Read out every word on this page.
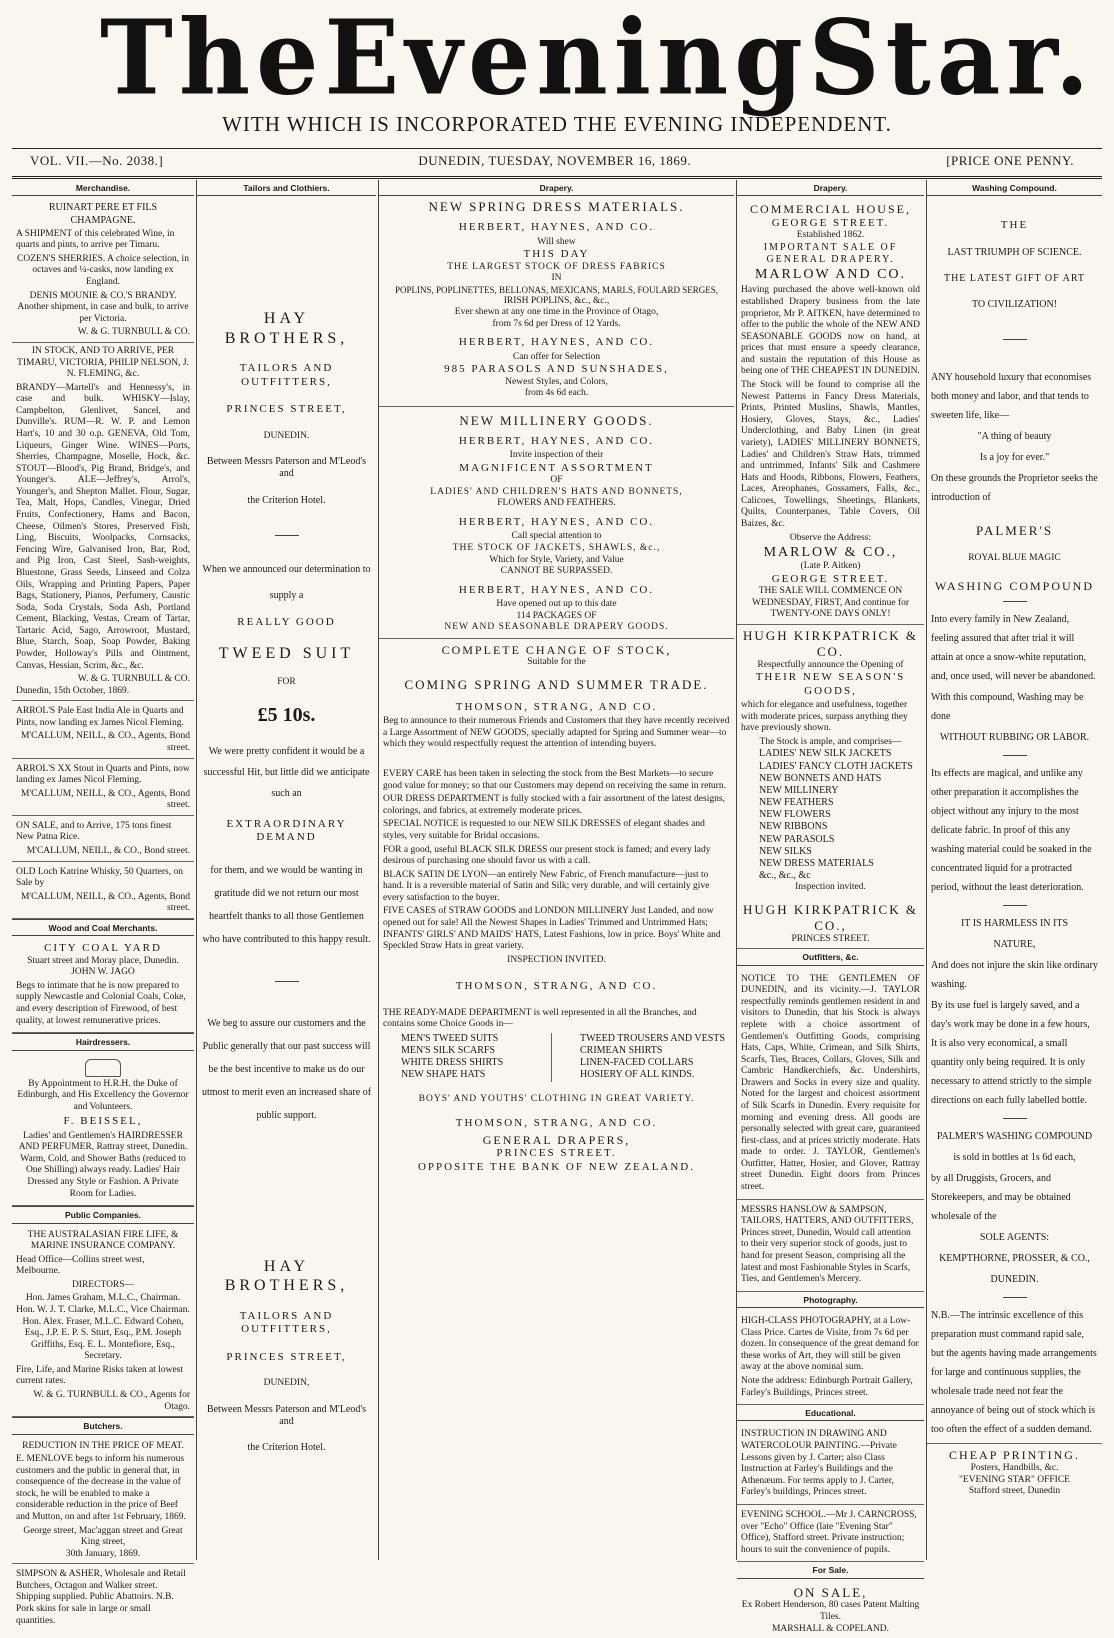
The Evening Star.
WITH WHICH IS INCORPORATED THE EVENING INDEPENDENT.
VOL. VII.—No. 2038.]	DUNEDIN, TUESDAY, NOVEMBER 16, 1869.	[PRICE ONE PENNY.
Merchandise.
RUINART PERE ET FILS CHAMPAGNE.
A SHIPMENT of this celebrated Wine, in quarts and pints, to arrive per Timaru.
COZEN'S SHERRIES. A choice selection, in octaves and ¼-casks, now landing ex England.
DENIS MOUNIE & CO.'S BRANDY. Another shipment, in case and bulk, to arrive per Victoria.
W. & G. TURNBULL & CO.
IN STOCK, AND TO ARRIVE, PER TIMARU, VICTORIA, PHILIP NELSON, J. N. FLEMING, &c.
BRANDY—Martell's and Hennessy's, in case and bulk. WHISKY—Islay, Campbelton, Glenlivet, Sancel, and Dunville's. RUM—R. W. P. and Lemon Hart's, 10 and 30 o.p. GENEVA, Old Tom, Liqueurs, Ginger Wine. WINES—Ports, Sherries, Champagne, Moselle, Hock, &c. STOUT—Blood's, Pig Brand, Bridge's, and Younger's. ALE—Jeffrey's, Arrol's, Younger's, and Shepton Mallet. Flour, Sugar, Tea, Malt, Hops, Candles, Vinegar, Dried Fruits, Confectionery, Hams and Bacon, Cheese, Oilmen's Stores, Preserved Fish, Ling, Biscuits, Woolpacks, Cornsacks, Fencing Wire, Galvanised Iron, Bar, Rod, and Pig Iron, Cast Steel, Sash-weights, Bluestone, Grass Seeds, Linseed and Colza Oils, Wrapping and Printing Papers, Paper Bags, Stationery, Pianos, Perfumery, Caustic Soda, Soda Crystals, Soda Ash, Portland Cement, Blacking, Vestas, Cream of Tartar, Tartaric Acid, Sago, Arrowroot, Mustard, Blue, Starch, Soap, Soap Powder, Baking Powder, Holloway's Pills and Ointment, Canvas, Hessian, Scrim, &c., &c.
W. & G. TURNBULL & CO.
Dunedin, 15th October, 1869.
ARROL'S Pale East India Ale in Quarts and Pints, now landing ex James Nicol Fleming.
M'CALLUM, NEILL, & CO., Agents, Bond street.
ARROL'S XX Stout in Quarts and Pints, now landing ex James Nicol Fleming.
M'CALLUM, NEILL, & CO., Agents, Bond street.
ON SALE, and to Arrive, 175 tons finest New Patna Rice.
M'CALLUM, NEILL, & CO., Bond street.
OLD Loch Katrine Whisky, 50 Quarters, on Sale by
M'CALLUM, NEILL, & CO., Agents, Bond street.
Wood and Coal Merchants.
CITY COAL YARD
Stuart street and Moray place, Dunedin.
JOHN W. JAGO
Begs to intimate that he is now prepared to supply Newcastle and Colonial Coals, Coke, and every description of Firewood, of best quality, at lowest remunerative prices.
Hairdressers.
By Appointment to H.R.H. the Duke of Edinburgh, and His Excellency the Governor and Volunteers.
F. BEISSEL,
Ladies' and Gentlemen's HAIRDRESSER AND PERFUMER, Rattray street, Dunedin. Warm, Cold, and Shower Baths (reduced to One Shilling) always ready. Ladies' Hair Dressed any Style or Fashion. A Private Room for Ladies.
Public Companies.
THE AUSTRALASIAN FIRE LIFE, & MARINE INSURANCE COMPANY.
Head Office—Collins street west, Melbourne.
DIRECTORS—
Hon. James Graham, M.L.C., Chairman. Hon. W. J. T. Clarke, M.L.C., Vice Chairman. Hon. Alex. Fraser, M.L.C. Edward Cohen, Esq., J.P. E. P. S. Sturt, Esq., P.M. Joseph Griffiths, Esq. E. L. Montefiore, Esq., Secretary.
Fire, Life, and Marine Risks taken at lowest current rates.
W. & G. TURNBULL & CO., Agents for Otago.
Butchers.
REDUCTION IN THE PRICE OF MEAT.
E. MENLOVE begs to inform his numerous customers and the public in general that, in consequence of the decrease in the value of stock, he will be enabled to make a considerable reduction in the price of Beef and Mutton, on and after 1st February, 1869.
George street, Mac'aggan street and Great King street,
30th January, 1869.
SIMPSON & ASHER, Wholesale and Retail Butchers, Octagon and Walker street. Shipping supplied. Public Abattoirs. N.B. Pork skins for sale in large or small quantities.
Tailors and Clothiers.
HAY BROTHERS,
TAILORS AND OUTFITTERS,
PRINCES STREET,
DUNEDIN.
Between Messrs Paterson and M'Leod's and
the Criterion Hotel.
When we announced our determination to
supply a
REALLY GOOD
TWEED SUIT
FOR
£5 10s.
We were pretty confident it would be a successful Hit, but little did we anticipate such an
EXTRAORDINARY DEMAND
for them, and we would be wanting in gratitude did we not return our most heartfelt thanks to all those Gentlemen who have contributed to this happy result.
We beg to assure our customers and the Public generally that our past success will be the best incentive to make us do our utmost to merit even an increased share of public support.
HAY BROTHERS,
TAILORS AND OUTFITTERS,
PRINCES STREET,
DUNEDIN,
Between Messrs Paterson and M'Leod's and
the Criterion Hotel.
Drapery.
NEW SPRING DRESS MATERIALS.
HERBERT, HAYNES, AND CO.
Will shew
THIS DAY
THE LARGEST STOCK OF DRESS FABRICS
IN
POPLINS, POPLINETTES, BELLONAS, MEXICANS, MARLS, FOULARD SERGES,
IRISH POPLINS, &c., &c.,
Ever shewn at any one time in the Province of Otago,
from 7s 6d per Dress of 12 Yards.
HERBERT, HAYNES, AND CO.
Can offer for Selection
985 PARASOLS AND SUNSHADES,
Newest Styles, and Colors,
from 4s 6d each.
NEW MILLINERY GOODS.
HERBERT, HAYNES, AND CO.
Invite inspection of their
MAGNIFICENT ASSORTMENT
OF
LADIES' AND CHILDREN'S HATS AND BONNETS,
FLOWERS AND FEATHERS.
HERBERT, HAYNES, AND CO.
Call special attention to
THE STOCK OF JACKETS, SHAWLS, &c.,
Which for Style, Variety, and Value
CANNOT BE SURPASSED.
HERBERT, HAYNES, AND CO.
Have opened out up to this date
114 PACKAGES OF
NEW AND SEASONABLE DRAPERY GOODS.
COMPLETE CHANGE OF STOCK,
Suitable for the
COMING SPRING AND SUMMER TRADE.
THOMSON, STRANG, AND CO.
Beg to announce to their numerous Friends and Customers that they have recently received a Large Assortment of NEW GOODS, specially adapted for Spring and Summer wear—to which they would respectfully request the attention of intending buyers.
EVERY CARE has been taken in selecting the stock from the Best Markets—to secure good value for money; so that our Customers may depend on receiving the same in return.
OUR DRESS DEPARTMENT is fully stocked with a fair assortment of the latest designs, colorings, and fabrics, at extremely moderate prices.
SPECIAL NOTICE is requested to our NEW SILK DRESSES of elegant shades and styles, very suitable for Bridal occasions.
FOR a good, useful BLACK SILK DRESS our present stock is famed; and every lady desirous of purchasing one should favor us with a call.
BLACK SATIN DE LYON—an entirely New Fabric, of French manufacture—just to hand. It is a reversible material of Satin and Silk; very durable, and will certainly give every satisfaction to the buyer.
FIVE CASES of STRAW GOODS and LONDON MILLINERY Just Landed, and now opened out for sale! All the Newest Shapes in Ladies' Trimmed and Untrimmed Hats; INFANTS' GIRLS' AND MAIDS' HATS, Latest Fashions, low in price. Boys' White and Speckled Straw Hats in great variety.
INSPECTION INVITED.
THOMSON, STRANG, AND CO.
THE READY-MADE DEPARTMENT is well represented in all the Branches, and contains some Choice Goods in—
MEN'S TWEED SUITS
MEN'S SILK SCARFS
WHITE DRESS SHIRTS
NEW SHAPE HATS
TWEED TROUSERS AND VESTS
CRIMEAN SHIRTS
LINEN-FACED COLLARS
HOSIERY OF ALL KINDS.
BOYS' AND YOUTHS' CLOTHING IN GREAT VARIETY.
THOMSON, STRANG, AND CO.
GENERAL DRAPERS,
PRINCES STREET.
OPPOSITE THE BANK OF NEW ZEALAND.
Drapery.
COMMERCIAL HOUSE,
GEORGE STREET.
Established 1862.
IMPORTANT SALE OF GENERAL DRAPERY.
MARLOW AND CO.
Having purchased the above well-known old established Drapery business from the late proprietor, Mr P. AITKEN, have determined to offer to the public the whole of the NEW AND SEASONABLE GOODS now on hand, at prices that must ensure a speedy clearance, and sustain the reputation of this House as being one of THE CHEAPEST IN DUNEDIN.
The Stock will be found to comprise all the Newest Patterns in Fancy Dress Materials, Prints, Printed Muslins, Shawls, Mantles, Hosiery, Gloves, Stays, &c., Ladies' Underclothing, and Baby Linen (in great variety), LADIES' MILLINERY BONNETS, Ladies' and Children's Straw Hats, trimmed and untrimmed, Infants' Silk and Cashmere Hats and Hoods, Ribbons, Flowers, Feathers, Laces, Areophanes, Gossamers, Falls, &c., Calicoes, Towellings, Sheetings, Blankets, Quilts, Counterpanes, Table Covers, Oil Baizes, &c.
Observe the Address:
MARLOW & CO.,
(Late P. Aitken)
GEORGE STREET.
THE SALE WILL COMMENCE ON WEDNESDAY, FIRST, And continue for TWENTY-ONE DAYS ONLY!
HUGH KIRKPATRICK & CO.
Respectfully announce the Opening of
THEIR NEW SEASON'S GOODS,
which for elegance and usefulness, together with moderate prices, surpass anything they have previously shown.
The Stock is ample, and comprises—
LADIES' NEW SILK JACKETS
LADIES' FANCY CLOTH JACKETS
NEW BONNETS AND HATS
NEW MILLINERY
NEW FEATHERS
NEW FLOWERS
NEW RIBBONS
NEW PARASOLS
NEW SILKS
NEW DRESS MATERIALS
&c., &c., &c
Inspection invited.
HUGH KIRKPATRICK & CO.,
PRINCES STREET.
Outfitters, &c.
NOTICE TO THE GENTLEMEN OF DUNEDIN, and its vicinity.—J. TAYLOR respectfully reminds gentlemen resident in and visitors to Dunedin, that his Stock is always replete with a choice assortment of Gentlemen's Outfitting Goods, comprising Hats, Caps, White, Crimean, and Silk Shirts, Scarfs, Ties, Braces, Collars, Gloves, Silk and Cambric Handkerchiefs, &c. Undershirts, Drawers and Socks in every size and quality. Noted for the largest and choicest assortment of Silk Scarfs in Dunedin. Every requisite for morning and evening dress. All goods are personally selected with great care, guaranteed first-class, and at prices strictly moderate. Hats made to order. J. TAYLOR, Gentlemen's Outfitter, Hatter, Hosier, and Glover, Rattray street Dunedin. Eight doors from Princes street.
MESSRS HANSLOW & SAMPSON, TAILORS, HATTERS, AND OUTFITTERS, Princes street, Dunedin, Would call attention to their very superior stock of goods, just to hand for present Season, comprising all the latest and most Fashionable Styles in Scarfs, Ties, and Gentlemen's Mercery.
Photography.
HIGH-CLASS PHOTOGRAPHY, at a Low-Class Price. Cartes de Visite, from 7s 6d per dozen. In consequence of the great demand for these works of Art, they will still be given away at the above nominal sum.
Note the address: Edinburgh Portrait Gallery, Farley's Buildings, Princes street.
Educational.
INSTRUCTION IN DRAWING AND WATERCOLOUR PAINTING.—Private Lessons given by J. Carter; also Class Instruction at Farley's Buildings and the Athenæum. For terms apply to J. Carter, Farley's buildings, Princes street.
EVENING SCHOOL.—Mr J. CARNCROSS, over "Echo" Office (late "Evening Star" Office), Stafford street. Private instruction; hours to suit the convenience of pupils.
For Sale.
ON SALE,
Ex Robert Henderson, 80 cases Patent Malting Tiles.
MARSHALL & COPELAND.
Washing Compound.
THE
LAST TRIUMPH OF SCIENCE.
THE LATEST GIFT OF ART
TO CIVILIZATION!
ANY household luxury that economises both money and labor, and that tends to sweeten life, like—
"A thing of beauty
Is a joy for ever."
On these grounds the Proprietor seeks the introduction of
PALMER'S
ROYAL BLUE MAGIC
WASHING COMPOUND
Into every family in New Zealand, feeling assured that after trial it will attain at once a snow-white reputation, and, once used, will never be abandoned.
With this compound, Washing may be done
WITHOUT RUBBING OR LABOR.
Its effects are magical, and unlike any other preparation it accomplishes the object without any injury to the most delicate fabric. In proof of this any washing material could be soaked in the concentrated liquid for a protracted period, without the least deterioration.
IT IS HARMLESS IN ITS
NATURE,
And does not injure the skin like ordinary washing.
By its use fuel is largely saved, and a day's work may be done in a few hours, It is also very economical, a small quantity only being required. It is only necessary to attend strictly to the simple directions on each fully labelled bottle.
PALMER'S WASHING COMPOUND
is sold in bottles at 1s 6d each,
by all Druggists, Grocers, and Storekeepers, and may be obtained wholesale of the
SOLE AGENTS:
KEMPTHORNE, PROSSER, & CO.,
DUNEDIN.
N.B.—The intrinsic excellence of this preparation must command rapid sale, but the agents having made arrangements for large and continuous supplies, the wholesale trade need not fear the annoyance of being out of stock which is too often the effect of a sudden demand.
CHEAP PRINTING.
Posters, Handbills, &c.
"EVENING STAR" OFFICE
Stafford street, Dunedin
